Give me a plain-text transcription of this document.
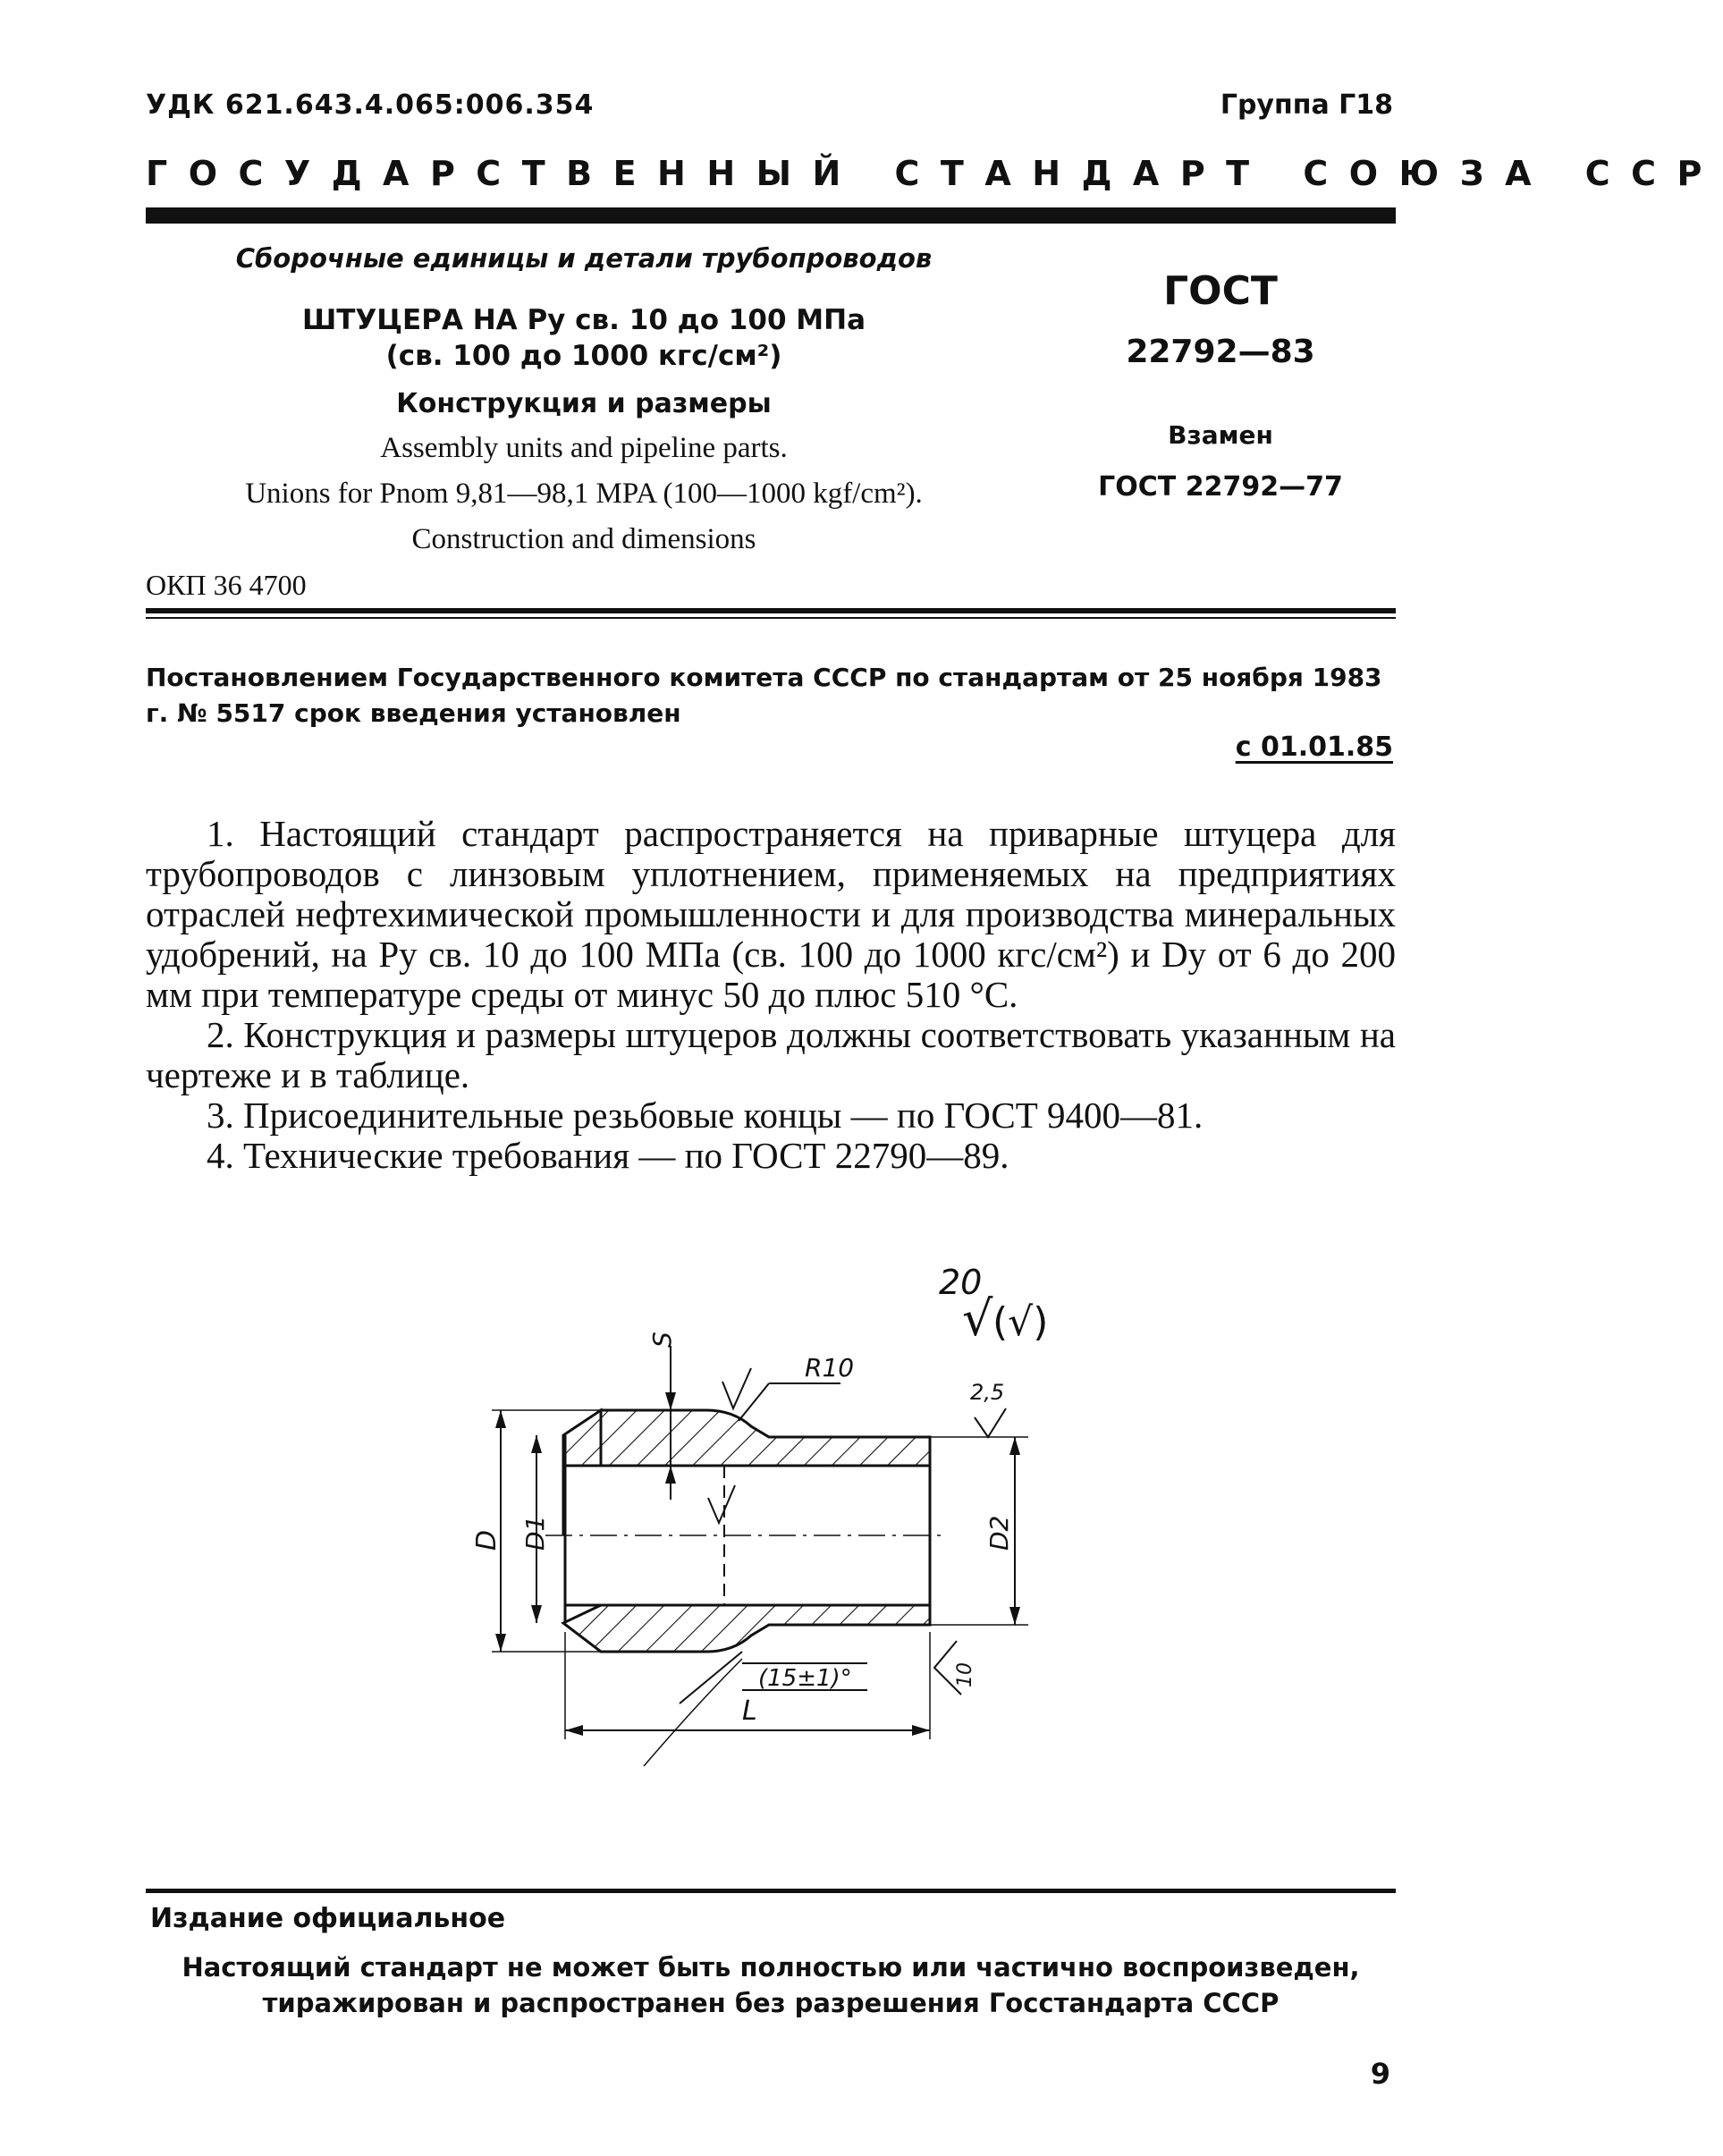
УДК 621.643.4.065:006.354	Группа Г18
ГОСУДАРСТВЕННЫЙ СТАНДАРТ СОЮЗА ССР
Сборочные единицы и детали трубопроводов
ШТУЦЕРА НА Pу св. 10 до 100 МПа
(св. 100 до 1000 кгс/см²)
Конструкция и размеры
Assembly units and pipeline parts.
Unions for Pnom 9,81—98,1 MPA (100—1000 kgf/cm²).
Construction and dimensions
ГОСТ
22792—83
Взамен
ГОСТ 22792—77
ОКП 36 4700
Постановлением Государственного комитета СССР по стандартам от 25 ноября 1983 г. № 5517 срок введения установлен
с 01.01.85

1. Настоящий стандарт распространяется на приварные штуцера для трубопроводов с линзовым уплотнением, применяемых на предприятиях отраслей нефтехимической промышленности и для производства минеральных удобрений, на Pу св. 10 до 100 МПа (св. 100 до 1000 кгс/см²) и Dу от 6 до 200 мм при температуре среды от минус 50 до плюс 510 °С.

2. Конструкция и размеры штуцеров должны соответствовать указанным на чертеже и в таблице.

3. Присоединительные резьбовые концы — по ГОСТ 9400—81.

4. Технические требования — по ГОСТ 22790—89.

20
√ (√)
D D1	D2
S
R10
2,5
(15±1)°
L
10
Издание официальное
Настоящий стандарт не может быть полностью или частично воспроизведен,
тиражирован и распространен без разрешения Госстандарта СССР
9
